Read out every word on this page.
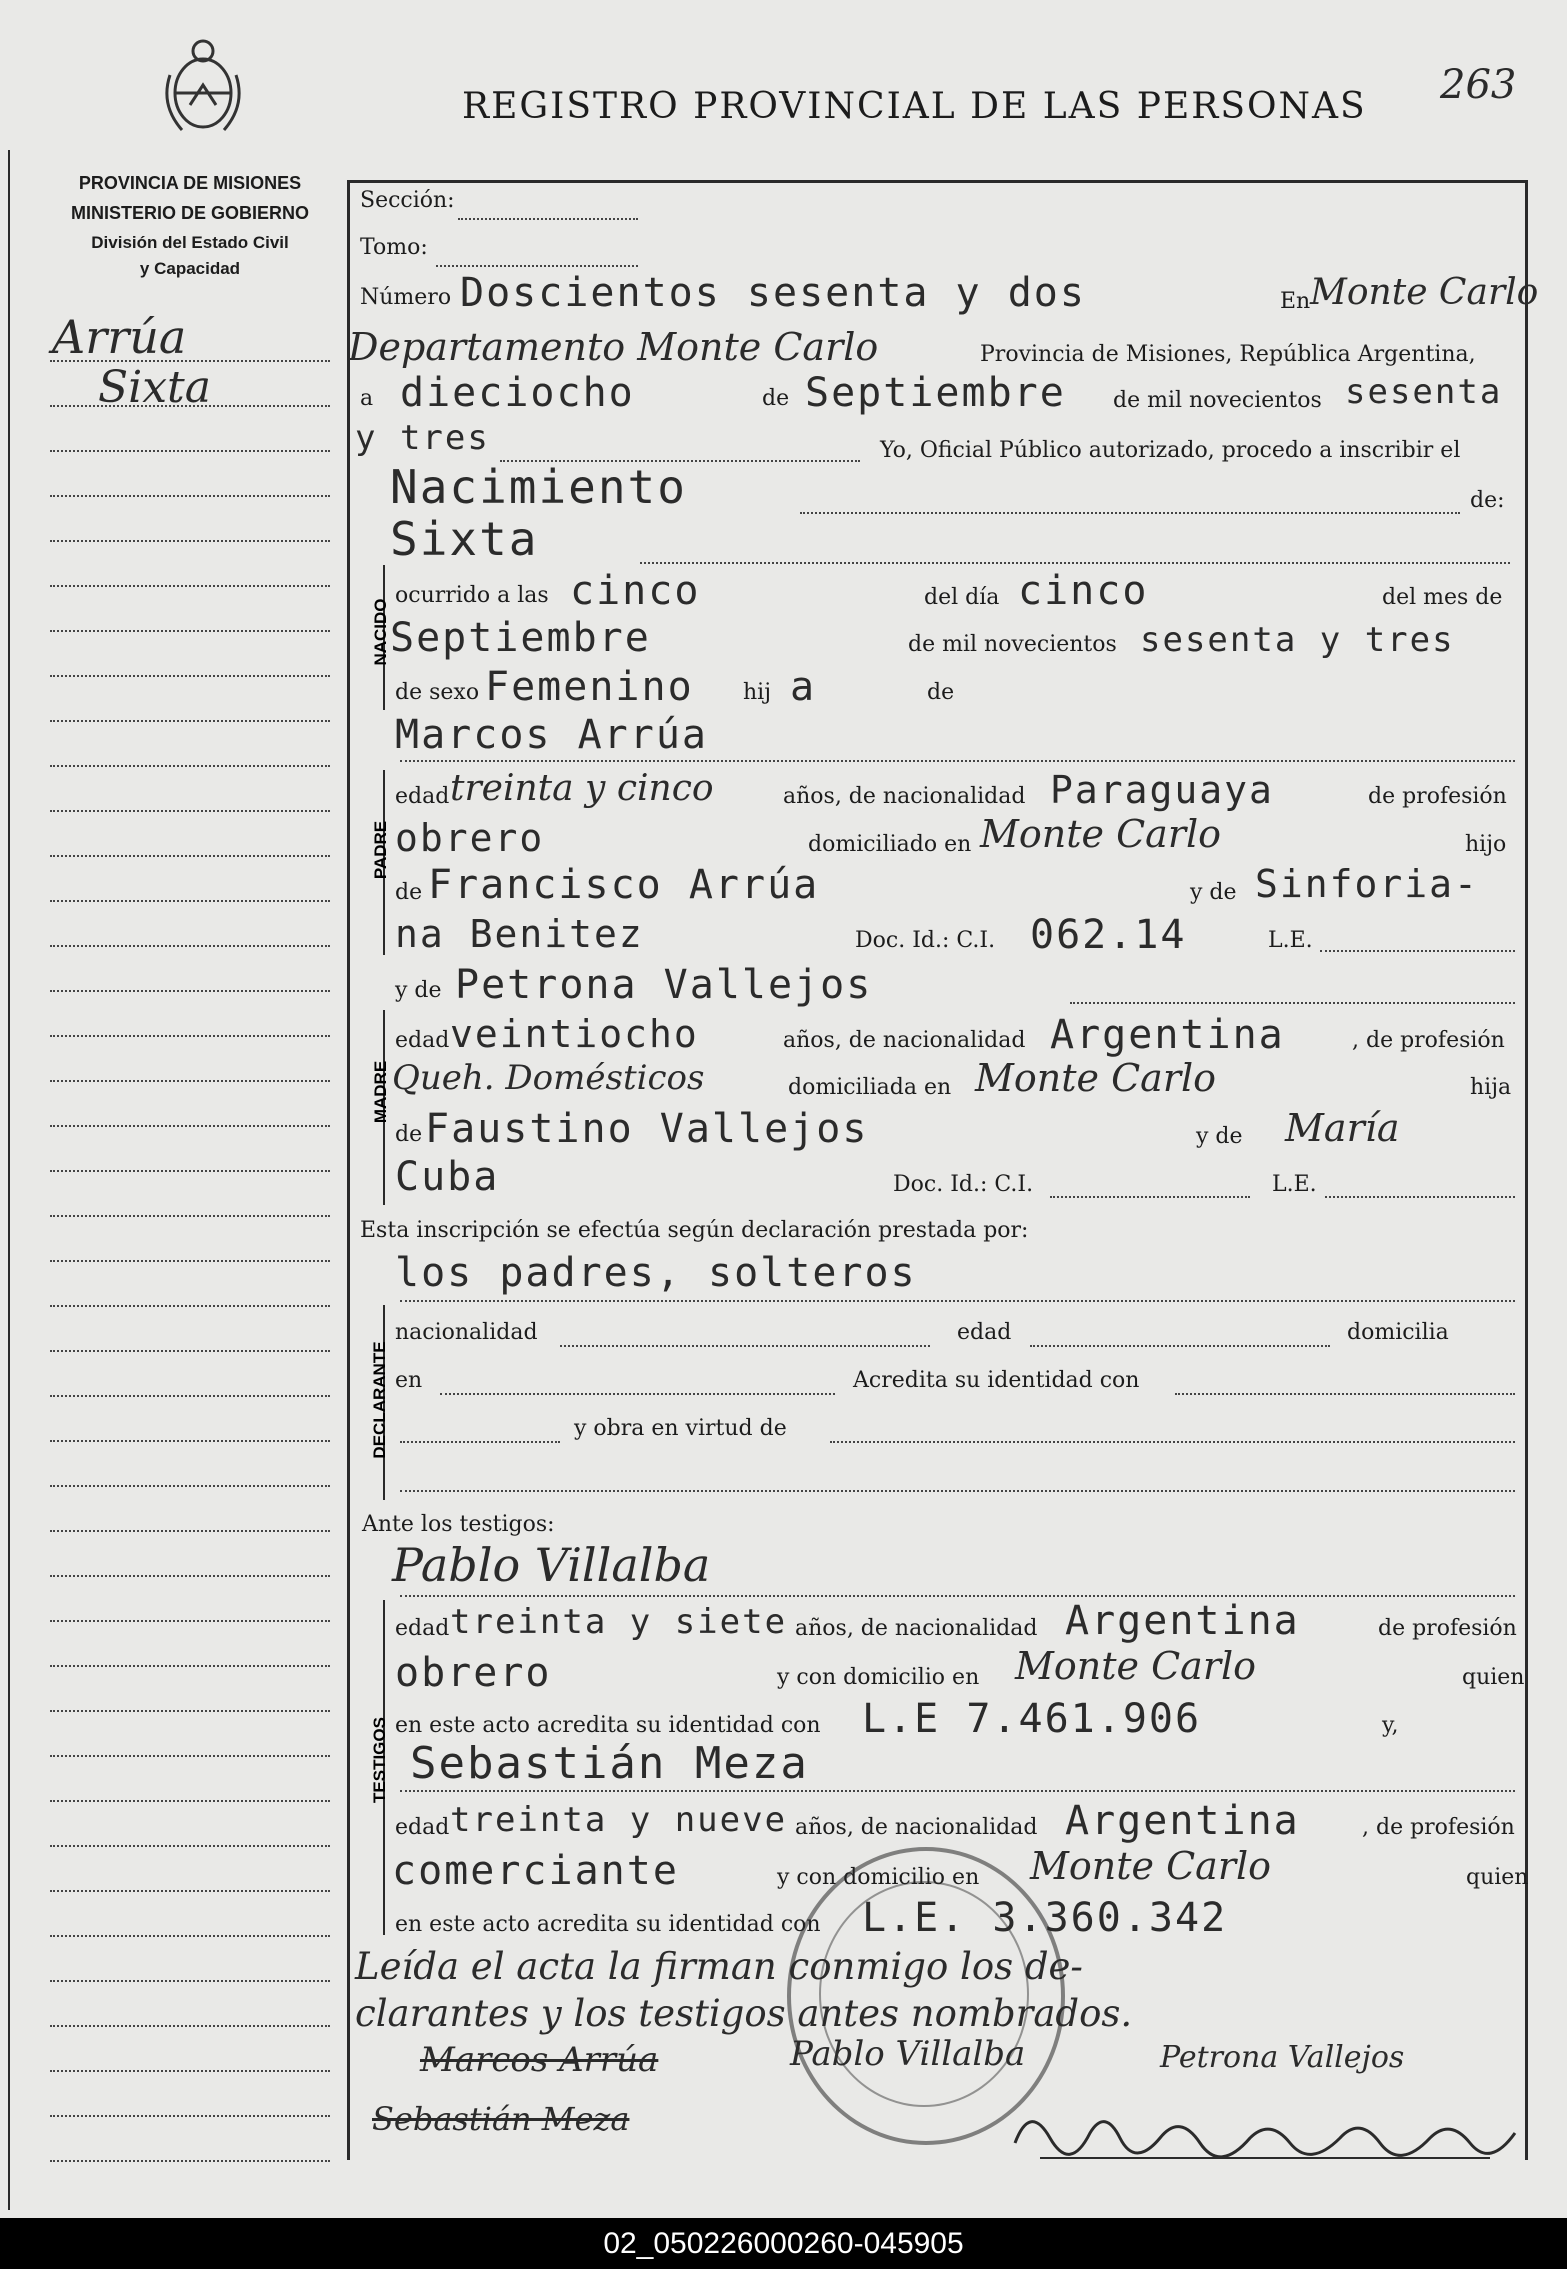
REGISTRO PROVINCIAL DE LAS PERSONAS 263
PROVINCIA DE MISIONES
MINISTERIO DE GOBIERNO
División del Estado Civil
y Capacidad
Arrúa
Sixta
Sección:
Tomo:
Número Doscientos sesenta y dos	En Monte Carlo
Departamento Monte Carlo	Provincia de Misiones, República Argentina,
a dieciocho	de Septiembre de mil novecientos sesenta
y tres	Yo, Oficial Público autorizado, procedo a inscribir el
Nacimiento	de:
Sixta
NACIDO
ocurrido a las cinco	del día cinco	del mes de
Septiembre	de mil novecientos sesenta y tres
de sexo Femenino hij a	de
Marcos Arrúa
PADRE
edad treinta y cinco	años, de nacionalidad Paraguaya	de profesión
obrero	domiciliado en Monte Carlo	hijo
de Francisco Arrúa	y de Sinforia-
na Benitez	Doc. Id.: C.I. 062.14	L.E.
y de Petrona Vallejos
MADRE
edad veintiocho	años, de nacionalidad Argentina	, de profesión
Queh. Domésticos	domiciliada en Monte Carlo	hija
de Faustino Vallejos	y de María
Cuba	Doc. Id.: C.I.	L.E.
Esta inscripción se efectúa según declaración prestada por:
los padres, solteros
DECLARANTE
nacionalidad	edad	domicilia
en	Acredita su identidad con
y obra en virtud de
Ante los testigos:
Pablo Villalba
TESTIGOS
edad treinta y siete años, de nacionalidad Argentina	de profesión
obrero	y con domicilio en Monte Carlo	quien
en este acto acredita su identidad con L.E 7.461.906	y,
Sebastián Meza
edad treinta y nueve años, de nacionalidad Argentina	, de profesión
comerciante	y con domicilio en Monte Carlo	quien
en este acto acredita su identidad con L.E. 3.360.342
Leída el acta la firman conmigo los de-
clarantes y los testigos antes nombrados.
Marcos Arrúa	Pablo Villalba	Petrona Vallejos
Sebastián Meza
02_050226000260-045905
